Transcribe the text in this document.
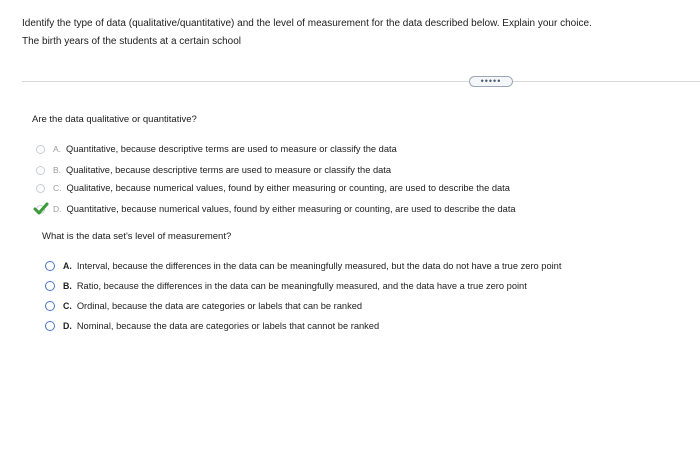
Identify the type of data (qualitative/quantitative) and the level of measurement for the data described below. Explain your choice.
The birth years of the students at a certain school
•••••
Are the data qualitative or quantitative?
A. Quantitative, because descriptive terms are used to measure or classify the data
B. Qualitative, because descriptive terms are used to measure or classify the data
C. Qualitative, because numerical values, found by either measuring or counting, are used to describe the data
D. Quantitative, because numerical values, found by either measuring or counting, are used to describe the data
What is the data set's level of measurement?
A. Interval, because the differences in the data can be meaningfully measured, but the data do not have a true zero point
B. Ratio, because the differences in the data can be meaningfully measured, and the data have a true zero point
C. Ordinal, because the data are categories or labels that can be ranked
D. Nominal, because the data are categories or labels that cannot be ranked
